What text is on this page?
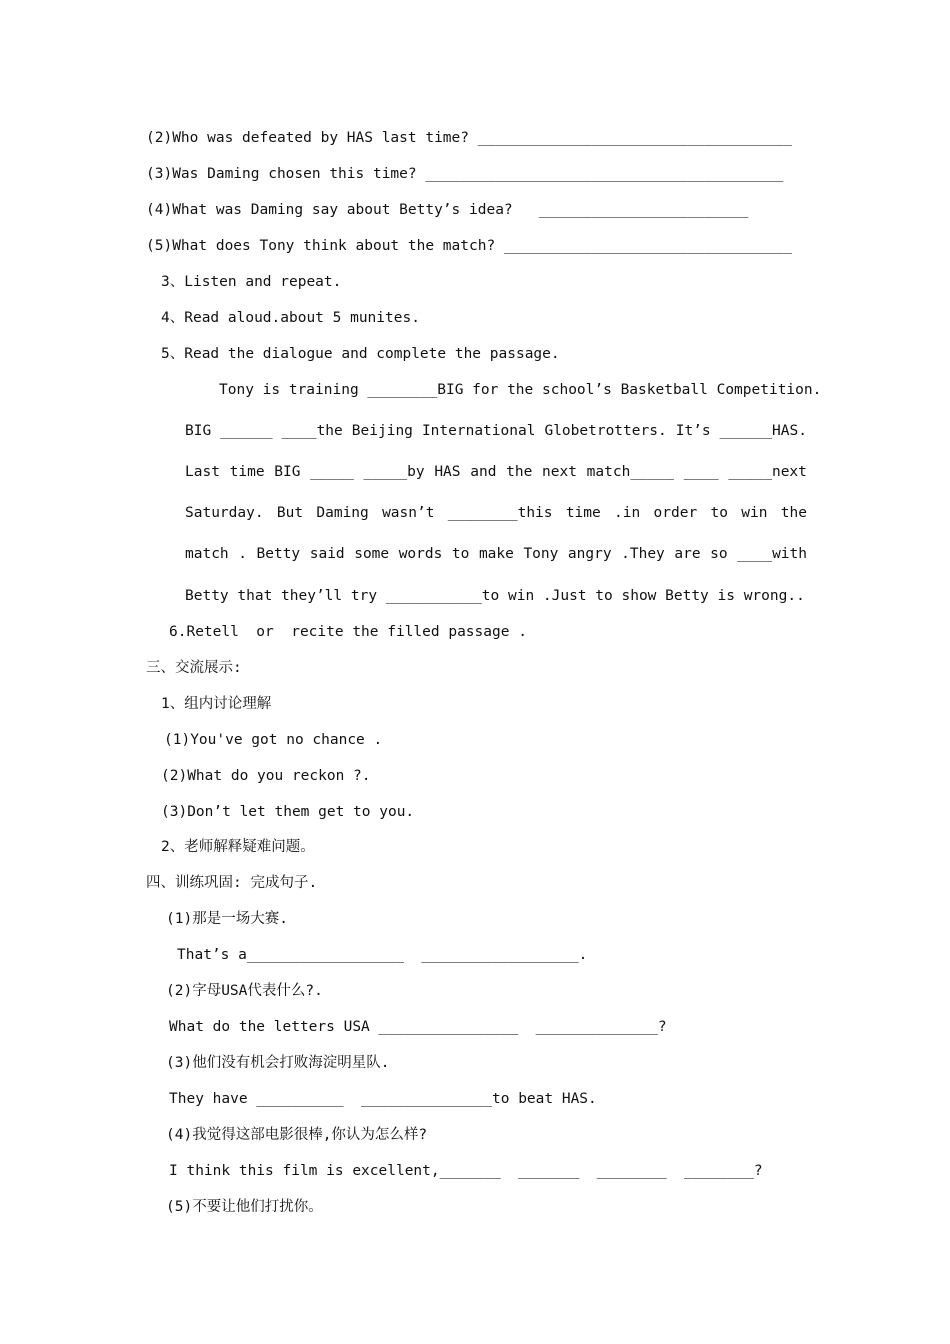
(2)Who was defeated by HAS last time? ____________________________________
(3)Was Daming chosen this time? _________________________________________
(4)What was Daming say about Betty’s idea?   ________________________
(5)What does Tony think about the match? _________________________________
3、Listen and repeat.
4、Read aloud.about 5 munites.
5、Read the dialogue and complete the passage.
Tony is training ________BIG for the school’s Basketball Competition.
BIG ______ ____the Beijing International Globetrotters. It’s ______HAS.
Last time BIG _____ _____by HAS and the next match_____ ____ _____next
Saturday. But Daming wasn’t ________this time .in order to win the
match . Betty said some words to make Tony angry .They are so ____with
Betty that they’ll try ___________to win .Just to show Betty is wrong..
6.Retell  or  recite the filled passage .
三、交流展示:
1、组内讨论理解
(1)You've got no chance .
(2)What do you reckon ?.
(3)Don’t let them get to you.
2、老师解释疑难问题。
四、训练巩固: 完成句子.
(1)那是一场大赛.
That’s a__________________  __________________.
(2)字母USA代表什么?.
What do the letters USA ________________  ______________?
(3)他们没有机会打败海淀明星队.
They have __________  _______________to beat HAS.
(4)我觉得这部电影很棒,你认为怎么样?
I think this film is excellent,_______  _______  ________  ________?
(5)不要让他们打扰你。
